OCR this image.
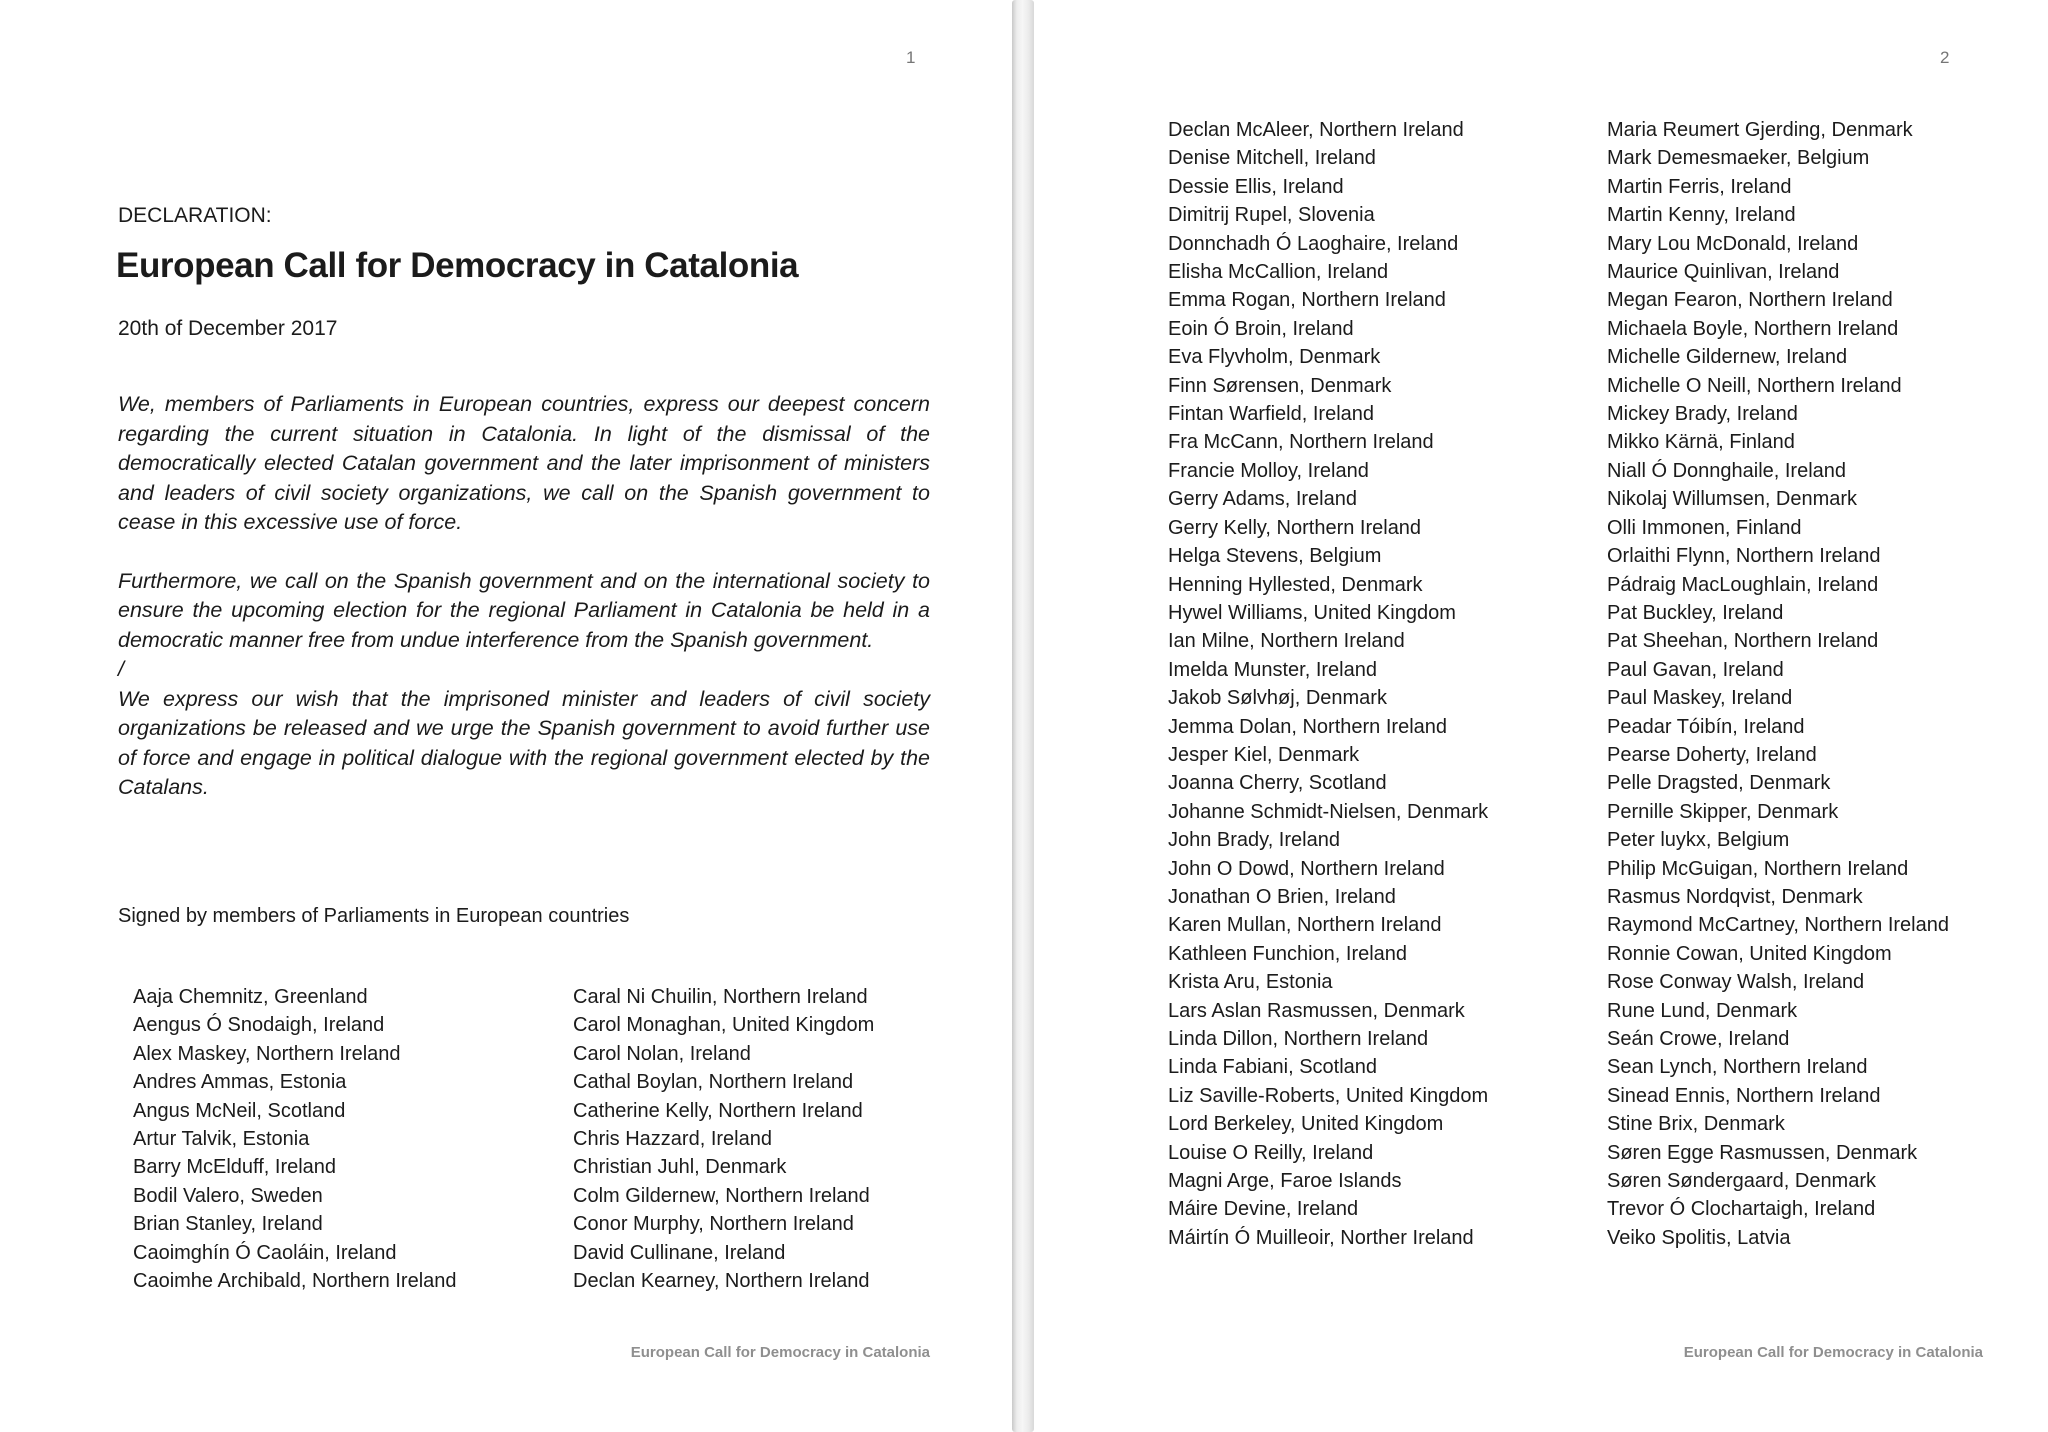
1
DECLARATION:
European Call for Democracy in Catalonia
20th of December 2017

We, members of Parliaments in European countries, express our deepest concern regarding the current situation in Catalonia. In light of the dismissal of the democratically elected Catalan government and the later imprisonment of ministers and leaders of civil society organizations, we call on the Spanish government to cease in this excessive use of force.

Furthermore, we call on the Spanish government and on the international society to ensure the upcoming election for the regional Parliament in Catalonia be held in a democratic manner free from undue interference from the Spanish government.

/

We express our wish that the imprisoned minister and leaders of civil society organizations be released and we urge the Spanish government to avoid further use of force and engage in political dialogue with the regional government elected by the Catalans.

Signed by members of Parliaments in European countries
Aaja Chemnitz, Greenland
Aengus Ó Snodaigh, Ireland
Alex Maskey, Northern Ireland
Andres Ammas, Estonia
Angus McNeil, Scotland
Artur Talvik, Estonia
Barry McElduff, Ireland
Bodil Valero, Sweden
Brian Stanley, Ireland
Caoimghín Ó Caoláin, Ireland
Caoimhe Archibald, Northern Ireland
Caral Ni Chuilin, Northern Ireland
Carol Monaghan, United Kingdom
Carol Nolan, Ireland
Cathal Boylan, Northern Ireland
Catherine Kelly, Northern Ireland
Chris Hazzard, Ireland
Christian Juhl, Denmark
Colm Gildernew, Northern Ireland
Conor Murphy, Northern Ireland
David Cullinane, Ireland
Declan Kearney, Northern Ireland
European Call for Democracy in Catalonia
2
Declan McAleer, Northern Ireland
Denise Mitchell, Ireland
Dessie Ellis, Ireland
Dimitrij Rupel, Slovenia
Donnchadh Ó Laoghaire, Ireland
Elisha McCallion, Ireland
Emma Rogan, Northern Ireland
Eoin Ó Broin, Ireland
Eva Flyvholm, Denmark
Finn Sørensen, Denmark
Fintan Warfield, Ireland
Fra McCann, Northern Ireland
Francie Molloy, Ireland
Gerry Adams, Ireland
Gerry Kelly, Northern Ireland
Helga Stevens, Belgium
Henning Hyllested, Denmark
Hywel Williams, United Kingdom
Ian Milne, Northern Ireland
Imelda Munster, Ireland
Jakob Sølvhøj, Denmark
Jemma Dolan, Northern Ireland
Jesper Kiel, Denmark
Joanna Cherry, Scotland
Johanne Schmidt-Nielsen, Denmark
John Brady, Ireland
John O Dowd, Northern Ireland
Jonathan O Brien, Ireland
Karen Mullan, Northern Ireland
Kathleen Funchion, Ireland
Krista Aru, Estonia
Lars Aslan Rasmussen, Denmark
Linda Dillon, Northern Ireland
Linda Fabiani, Scotland
Liz Saville-Roberts, United Kingdom
Lord Berkeley, United Kingdom
Louise O Reilly, Ireland
Magni Arge, Faroe Islands
Máire Devine, Ireland
Máirtín Ó Muilleoir, Norther Ireland
Maria Reumert Gjerding, Denmark
Mark Demesmaeker, Belgium
Martin Ferris, Ireland
Martin Kenny, Ireland
Mary Lou McDonald, Ireland
Maurice Quinlivan, Ireland
Megan Fearon, Northern Ireland
Michaela Boyle, Northern Ireland
Michelle Gildernew, Ireland
Michelle O Neill, Northern Ireland
Mickey Brady, Ireland
Mikko Kärnä, Finland
Niall Ó Donnghaile, Ireland
Nikolaj Willumsen, Denmark
Olli Immonen, Finland
Orlaithi Flynn, Northern Ireland
Pádraig MacLoughlain, Ireland
Pat Buckley, Ireland
Pat Sheehan, Northern Ireland
Paul Gavan, Ireland
Paul Maskey, Ireland
Peadar Tóibín, Ireland
Pearse Doherty, Ireland
Pelle Dragsted, Denmark
Pernille Skipper, Denmark
Peter luykx, Belgium
Philip McGuigan, Northern Ireland
Rasmus Nordqvist, Denmark
Raymond McCartney, Northern Ireland
Ronnie Cowan, United Kingdom
Rose Conway Walsh, Ireland
Rune Lund, Denmark
Seán Crowe, Ireland
Sean Lynch, Northern Ireland
Sinead Ennis, Northern Ireland
Stine Brix, Denmark
Søren Egge Rasmussen, Denmark
Søren Søndergaard, Denmark
Trevor Ó Clochartaigh, Ireland
Veiko Spolitis, Latvia
European Call for Democracy in Catalonia
